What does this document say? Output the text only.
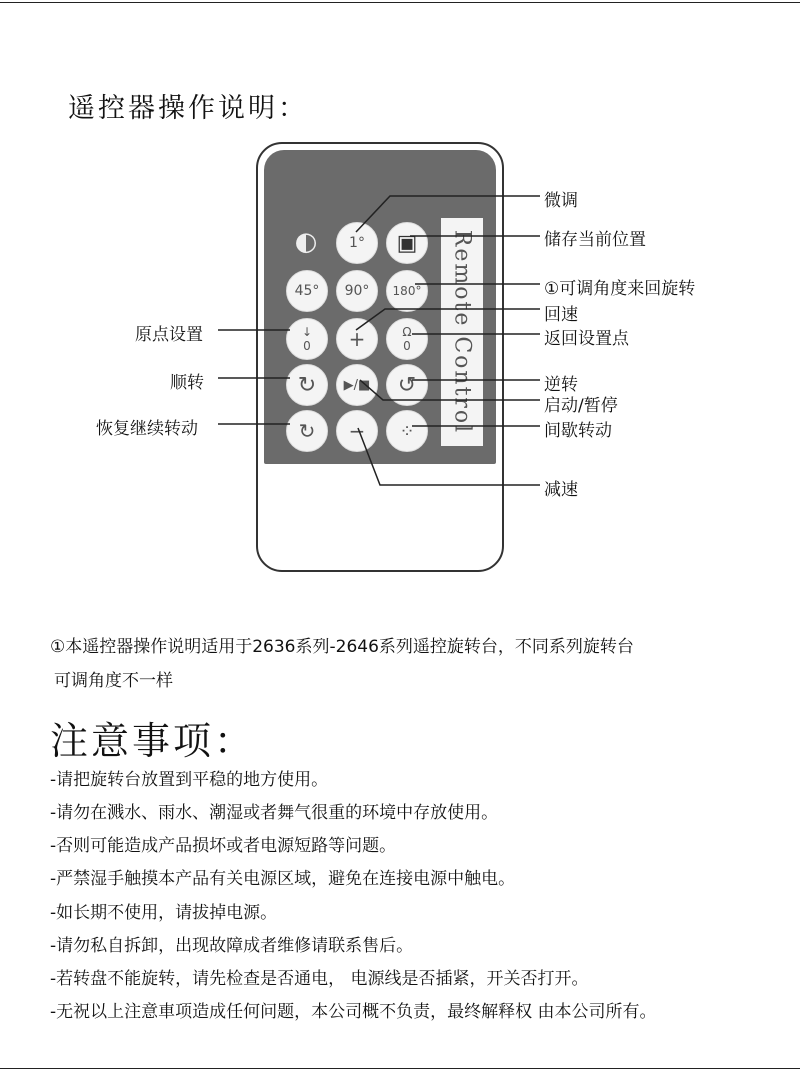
遥控器操作说明：
◐	1°	▣
45°	90°	180°
↓
0	+	Ω
0
↻	▶/■	↺
↻	−	⁘	Remote Control
微调
储存当前位置
①可调角度来回旋转
回速
返回设置点
逆转
启动/暂停
间歇转动
减速
原点设置
顺转
恢复继续转动
①本遥控器操作说明适用于2636系列-2646系列遥控旋转台，不同系列旋转台
可调角度不一样
注意事项：
-请把旋转台放置到平稳的地方使用。
-请勿在溅水、雨水、潮湿或者舞气很重的环境中存放使用。
-否则可能造成产品损坏或者电源短路等问题。
-严禁湿手触摸本产品有关电源区域，避免在连接电源中触电。
-如长期不使用，请拔掉电源。
-请勿私自拆卸，出现故障成者维修请联系售后。
-若转盘不能旋转，请先检查是否通电， 电源线是否插紧，开关否打开。
-无祝以上注意車项造成任何问题，本公司概不负责，最终解释权 由本公司所有。
